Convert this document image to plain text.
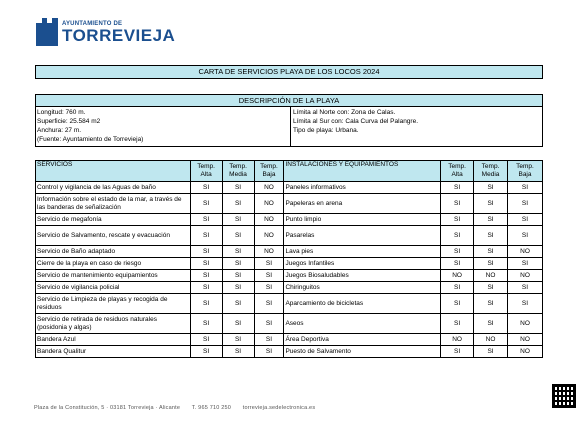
AYUNTAMIENTO DE
TORREVIEJA
CARTA DE SERVICIOS PLAYA DE LOS LOCOS 2024
DESCRIPCIÓN DE LA PLAYA
Longitud: 760 m.
Superficie: 25.584 m2
Anchura: 27 m.
(Fuente: Ayuntamiento de Torrevieja)
Límita al Norte con: Zona de Calas.
Límita al Sur con: Cala Curva del Palangre.
Tipo de playa: Urbana.
SERVICIOS	Temp. Alta	Temp. Media	Temp. Baja	INSTALACIONES Y EQUIPAMIENTOS	Temp. Alta	Temp. Media	Temp. Baja
Control y vigilancia de las Aguas de baño	SI	SI	NO	Paneles informativos	SI	SI	SI
Información sobre el estado de la mar, a través de las banderas de señalización	SI	SI	NO	Papeleras en arena	SI	SI	SI
Servicio de megafonía	SI	SI	NO	Punto limpio	SI	SI	SI
Servicio de Salvamento, rescate y evacuación	SI	SI	NO	Pasarelas	SI	SI	SI
Servicio de Baño adaptado	SI	SI	NO	Lava pies	SI	SI	NO
Cierre de la playa en caso de riesgo	SI	SI	SI	Juegos Infantiles	SI	SI	SI
Servicio de mantenimiento equipamientos	SI	SI	SI	Juegos Biosaludables	NO	NO	NO
Servicio de vigilancia policial	SI	SI	SI	Chiringuitos	SI	SI	SI
Servicio de Limpieza de playas y recogida de residuos	SI	SI	SI	Aparcamiento de bicicletas	SI	SI	SI
Servicio de retirada de residuos naturales (posidonia y algas)	SI	SI	SI	Aseos	SI	SI	NO
Bandera Azul	SI	SI	SI	Área Deportiva	NO	NO	NO
Bandera Qualitur	SI	SI	SI	Puesto de Salvamento	SI	SI	NO
Plaza de la Constitución, 5 · 03181 Torrevieja · Alicante T. 965 710 250 torrevieja.sedelectronica.es
